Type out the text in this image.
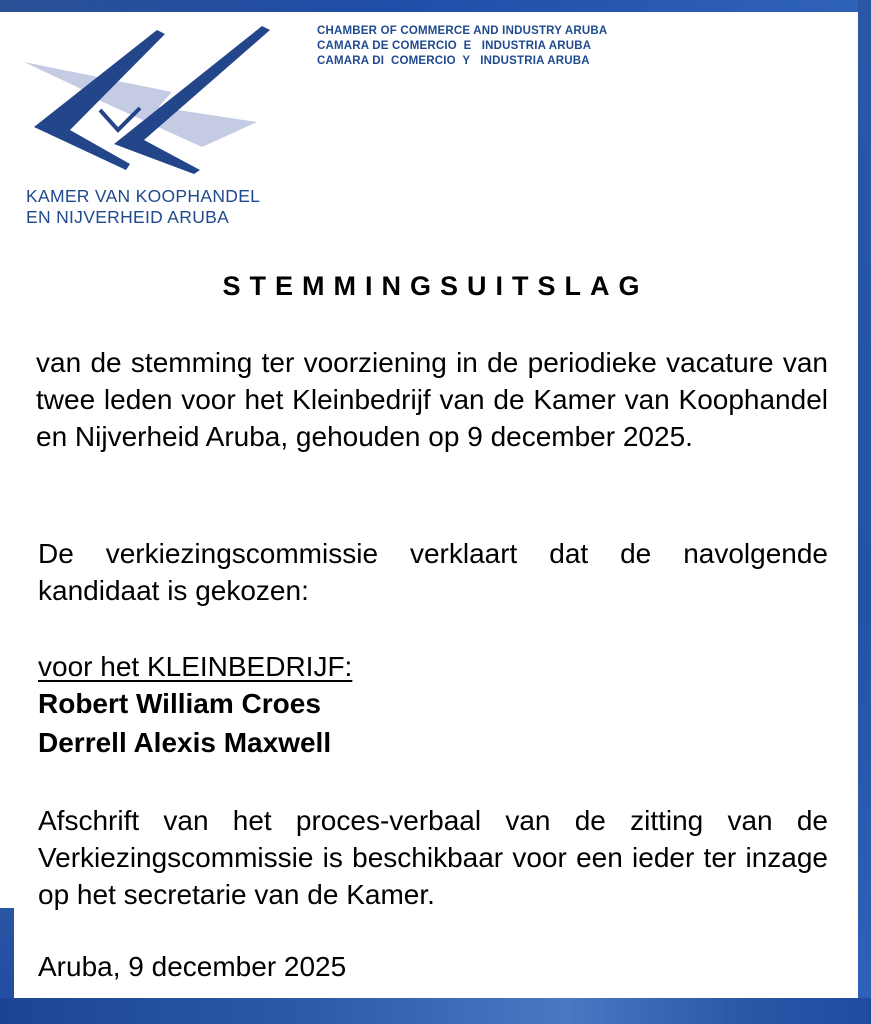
KAMER VAN KOOPHANDEL
EN NIJVERHEID ARUBA
CHAMBER OF COMMERCE AND INDUSTRY ARUBA
CAMARA DE COMERCIO  E   INDUSTRIA ARUBA
CAMARA DI  COMERCIO  Y   INDUSTRIA ARUBA
STEMMINGSUITSLAG
van de stemming ter voorziening in de periodieke vacature van twee leden voor het Kleinbedrijf van de Kamer van Koophandel en Nijverheid Aruba, gehouden op 9 december 2025.
De verkiezingscommissie verklaart dat de navolgende kandidaat is gekozen:
voor het KLEINBEDRIJF:
Robert William Croes
Derrell Alexis Maxwell
Afschrift van het proces-verbaal van de zitting van de Verkiezingscommissie is beschikbaar voor een ieder ter inzage op het secretarie van de Kamer.
Aruba, 9 december 2025
